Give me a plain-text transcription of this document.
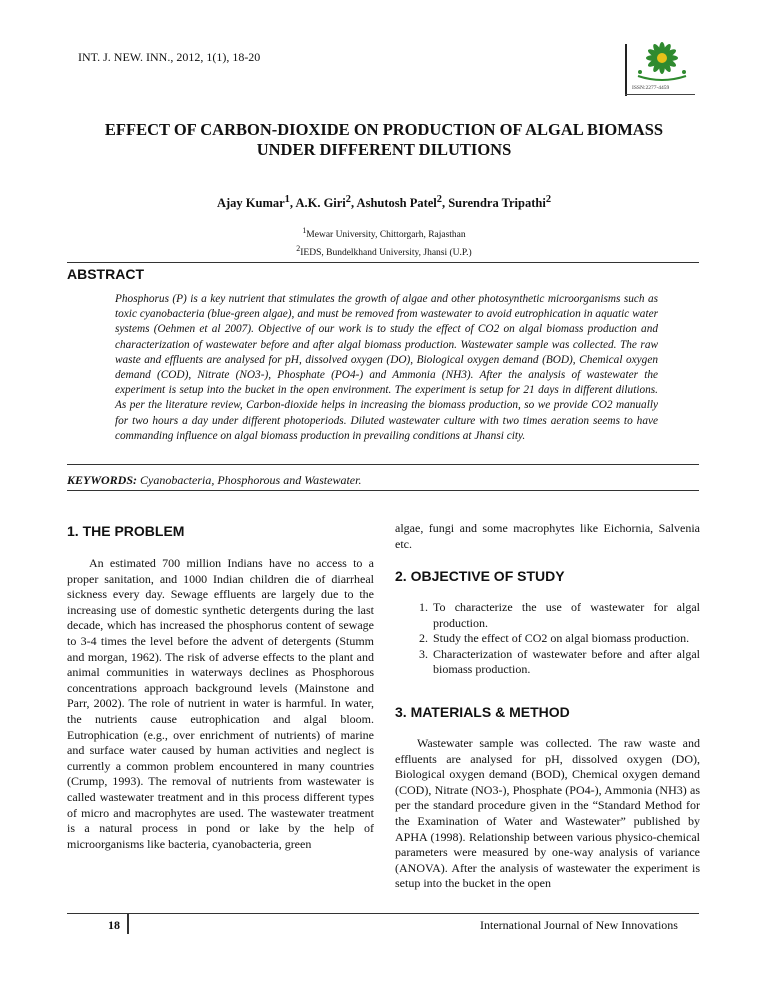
INT. J. NEW. INN., 2012, 1(1), 18-20
ISSN:2277-4459
EFFECT OF CARBON-DIOXIDE ON PRODUCTION OF ALGAL BIOMASS
UNDER DIFFERENT DILUTIONS
Ajay Kumar$^1$, A.K. Giri$^2$, Ashutosh Patel$^2$, Surendra Tripathi$^2$
$^1$Mewar University, Chittorgarh, Rajasthan
$^2$IEDS, Bundelkhand University, Jhansi (U.P.)
ABSTRACT
Phosphorus (P) is a key nutrient that stimulates the growth of algae and other photosynthetic microorganisms such as toxic cyanobacteria (blue-green algae), and must be removed from wastewater to avoid eutrophication in aquatic water systems (Oehmen et al 2007). Objective of our work is to study the effect of CO2 on algal biomass production and characterization of wastewater before and after algal biomass production. Wastewater sample was collected. The raw waste and effluents are analysed for pH, dissolved oxygen (DO), Biological oxygen demand (BOD), Chemical oxygen demand (COD), Nitrate (NO3-), Phosphate (PO4-) and Ammonia (NH3). After the analysis of wastewater the experiment is setup into the bucket in the open environment. The experiment is setup for 21 days in different dilutions. As per the literature review, Carbon-dioxide helps in increasing the biomass production, so we provide CO2 manually for two hours a day under different photoperiods. Diluted wastewater culture with two times aeration seems to have commanding influence on algal biomass production in prevailing conditions at Jhansi city.
KEYWORDS: Cyanobacteria, Phosphorous and Wastewater.
1. THE PROBLEM
An estimated 700 million Indians have no access to a proper sanitation, and 1000 Indian children die of diarrheal sickness every day. Sewage effluents are largely due to the increasing use of domestic synthetic detergents during the last decade, which has increased the phosphorus content of sewage to 3-4 times the level before the advent of detergents (Stumm and morgan, 1962). The risk of adverse effects to the plant and animal communities in waterways declines as Phosphorous concentrations approach background levels (Mainstone and Parr, 2002). The role of nutrient in water is harmful. In water, the nutrients cause eutrophication and algal bloom. Eutrophication (e.g., over enrichment of nutrients) of marine and surface water caused by human activities and neglect is currently a common problem encountered in many countries (Crump, 1993). The removal of nutrients from wastewater is called wastewater treatment and in this process different types of micro and macrophytes are used. The wastewater treatment is a natural process in pond or lake by the help of microorganisms like bacteria, cyanobacteria, green
algae, fungi and some macrophytes like Eichornia, Salvenia etc.
2. OBJECTIVE OF STUDY
1. To characterize the use of wastewater for algal production.
2. Study the effect of CO2 on algal biomass production.
3. Characterization of wastewater before and after algal biomass production.
3. MATERIALS & METHOD
Wastewater sample was collected. The raw waste and effluents are analysed for pH, dissolved oxygen (DO), Biological oxygen demand (BOD), Chemical oxygen demand (COD), Nitrate (NO3-), Phosphate (PO4-), Ammonia (NH3) as per the standard procedure given in the “Standard Method for the Examination of Water and Wastewater” published by APHA (1998). Relationship between various physico-chemical parameters were measured by one-way analysis of variance (ANOVA). After the analysis of wastewater the experiment is setup into the bucket in the open
18	International Journal of New Innovations
